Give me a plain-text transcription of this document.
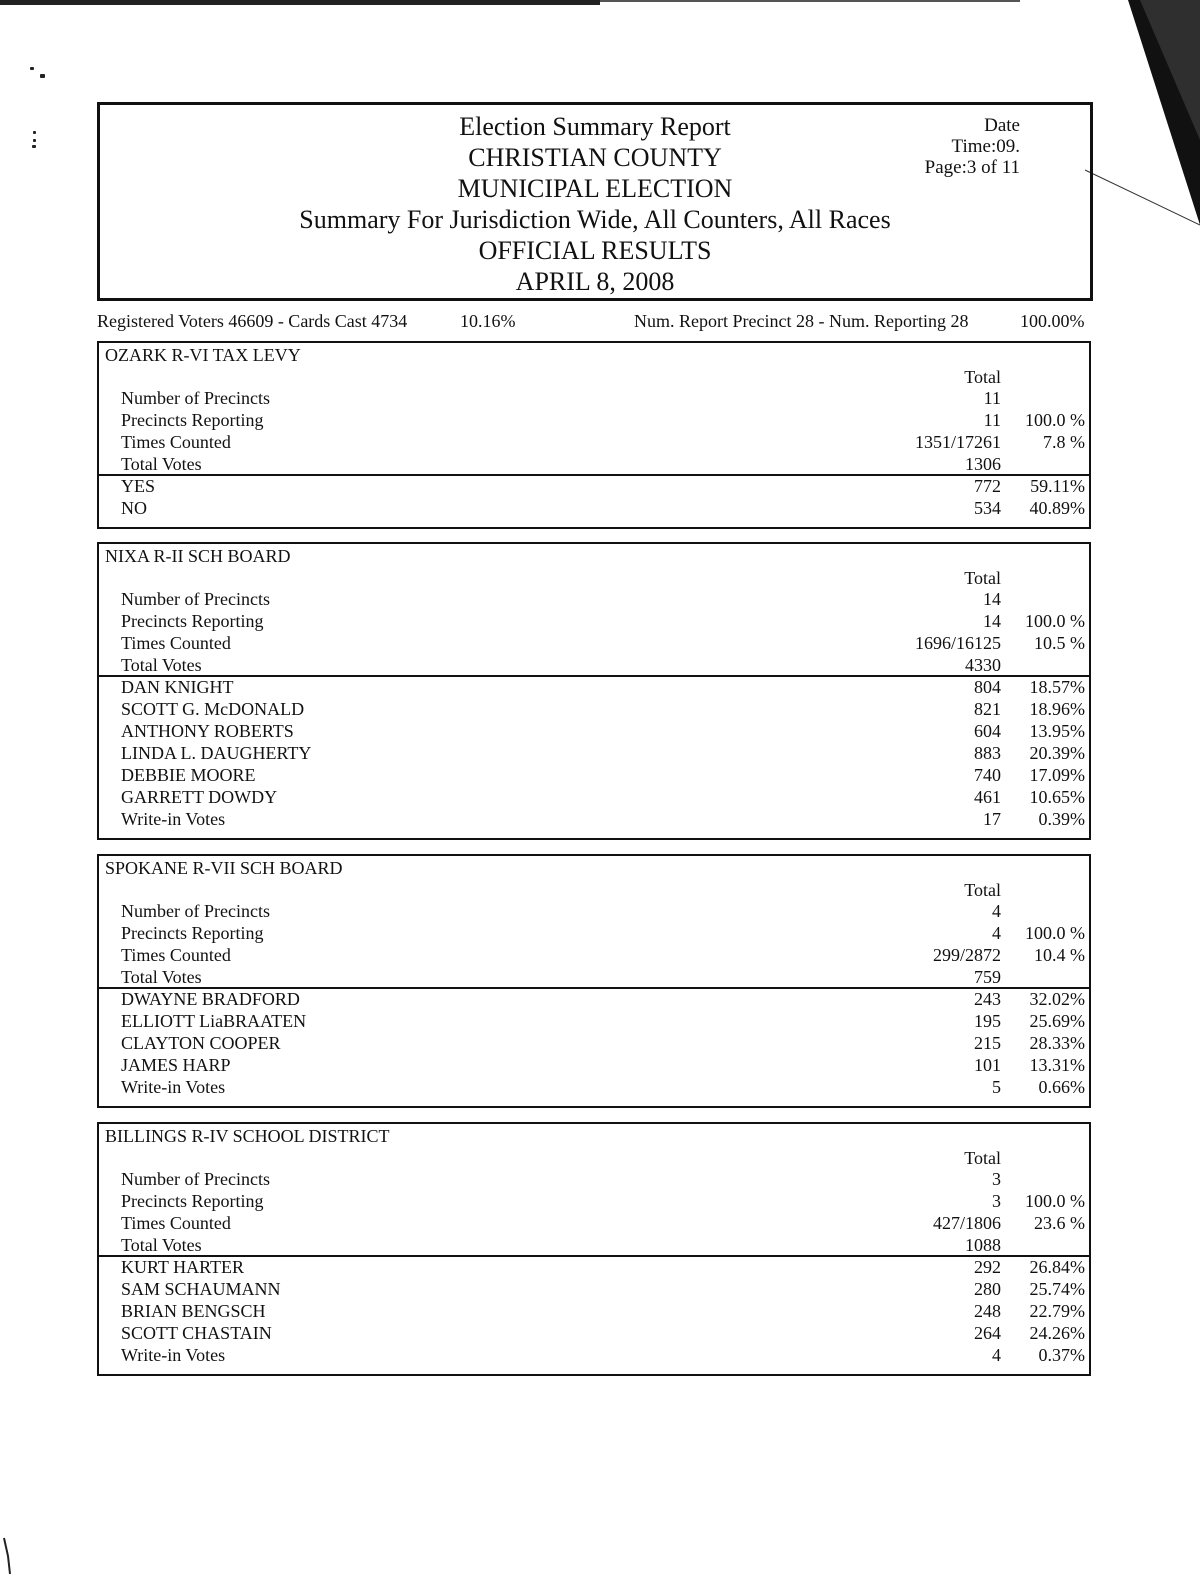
Election Summary Report
CHRISTIAN COUNTY
MUNICIPAL ELECTION
Summary For Jurisdiction Wide, All Counters, All Races
OFFICIAL RESULTS
APRIL 8, 2008
Date
Time:09.
Page:3 of 11
Registered Voters 46609 - Cards Cast 4734	10.16%	Num. Report Precinct 28 - Num. Reporting 28	100.00%
OZARK R-VI TAX LEVY
Total
Number of Precincts	11
Precincts Reporting	11 100.0 %
Times Counted	1351/17261 7.8 %
Total Votes	1306
YES	772 59.11%
NO	534 40.89%
NIXA R-II SCH BOARD
Total
Number of Precincts	14
Precincts Reporting	14 100.0 %
Times Counted	1696/16125 10.5 %
Total Votes	4330
DAN KNIGHT	804 18.57%
SCOTT G. McDONALD	821 18.96%
ANTHONY ROBERTS	604 13.95%
LINDA L. DAUGHERTY	883 20.39%
DEBBIE MOORE	740 17.09%
GARRETT DOWDY	461 10.65%
Write-in Votes	17 0.39%
SPOKANE R-VII SCH BOARD
Total
Number of Precincts	4
Precincts Reporting	4 100.0 %
Times Counted	299/2872 10.4 %
Total Votes	759
DWAYNE BRADFORD	243 32.02%
ELLIOTT LiaBRAATEN	195 25.69%
CLAYTON COOPER	215 28.33%
JAMES HARP	101 13.31%
Write-in Votes	5 0.66%
BILLINGS R-IV SCHOOL DISTRICT
Total
Number of Precincts	3
Precincts Reporting	3 100.0 %
Times Counted	427/1806 23.6 %
Total Votes	1088
KURT HARTER	292 26.84%
SAM SCHAUMANN	280 25.74%
BRIAN BENGSCH	248 22.79%
SCOTT CHASTAIN	264 24.26%
Write-in Votes	4 0.37%
